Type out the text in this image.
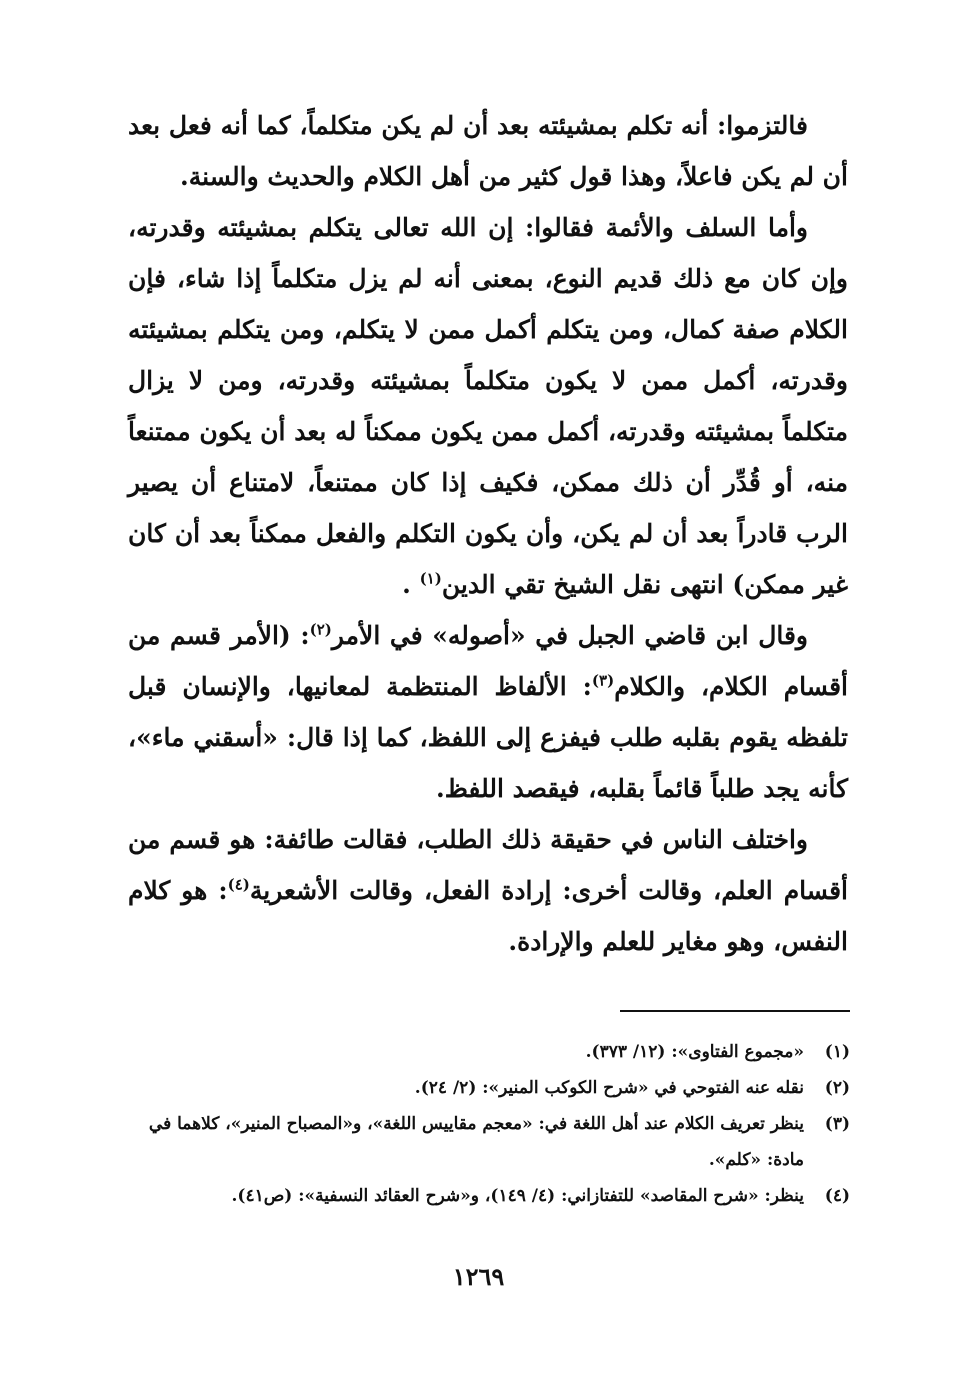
فالتزموا: أنه تكلم بمشيئته بعد أن لم يكن متكلماً، كما أنه فعل بعد أن لم يكن فاعلاً، وهذا قول كثير من أهل الكلام والحديث والسنة.

وأما السلف والأئمة فقالوا: إن الله تعالى يتكلم بمشيئته وقدرته، وإن كان مع ذلك قديم النوع، بمعنى أنه لم يزل متكلماً إذا شاء، فإن الكلام صفة كمال، ومن يتكلم أكمل ممن لا يتكلم، ومن يتكلم بمشيئته وقدرته، أكمل ممن لا يكون متكلماً بمشيئته وقدرته، ومن لا يزال متكلماً بمشيئته وقدرته، أكمل ممن يكون ممكناً له بعد أن يكون ممتنعاً منه، أو قُدِّر أن ذلك ممكن، فكيف إذا كان ممتنعاً، لامتناع أن يصير الرب قادراً بعد أن لم يكن، وأن يكون التكلم والفعل ممكناً بعد أن كان غير ممكن) انتهى نقل الشيخ تقي الدين$^{(١)}$ .

وقال ابن قاضي الجبل في «أصوله» في الأمر$^{(٢)}$: (الأمر قسم من أقسام الكلام، والكلام$^{(٣)}$: الألفاظ المنتظمة لمعانيها، والإنسان قبل تلفظه يقوم بقلبه طلب فيفزع إلى اللفظ، كما إذا قال: «أسقني ماء»، كأنه يجد طلباً قائماً بقلبه، فيقصد اللفظ.

واختلف الناس في حقيقة ذلك الطلب، فقالت طائفة: هو قسم من أقسام العلم، وقالت أخرى: إرادة الفعل، وقالت الأشعرية$^{(٤)}$: هو كلام النفس، وهو مغاير للعلم والإرادة.

(١)
«مجموع الفتاوى»: (١٢/ ٣٧٣).
(٢)
نقله عنه الفتوحي في «شرح الكوكب المنير»: (٢/ ٢٤).
(٣)
ينظر تعريف الكلام عند أهل اللغة في: «معجم مقاييس اللغة»، و«المصباح المنير»، كلاهما في مادة: «كلم».
(٤)
ينظر: «شرح المقاصد» للتفتازاني: (٤/ ١٤٩)، و«شرح العقائد النسفية»: (ص٤١).
١٢٦٩
